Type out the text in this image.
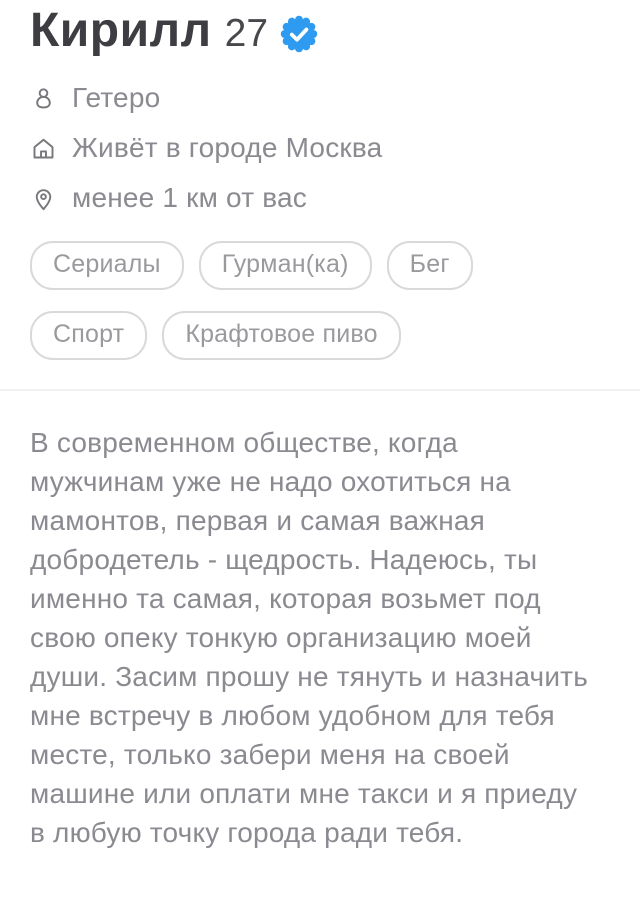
Кирилл 27
Гетеро
Живёт в городе Москва
менее 1 км от вас
Сериалы	Гурман(ка)	Бег
Спорт	Крафтовое пиво

В современном обществе, когда мужчинам уже не надо охотиться на мамонтов, первая и самая важная добродетель - щедрость. Надеюсь, ты именно та самая, которая возьмет под свою опеку тонкую организацию моей души. Засим прошу не тянуть и назначить мне встречу в любом удобном для тебя месте, только забери меня на своей машине или оплати мне такси и я приеду в любую точку города ради тебя.
